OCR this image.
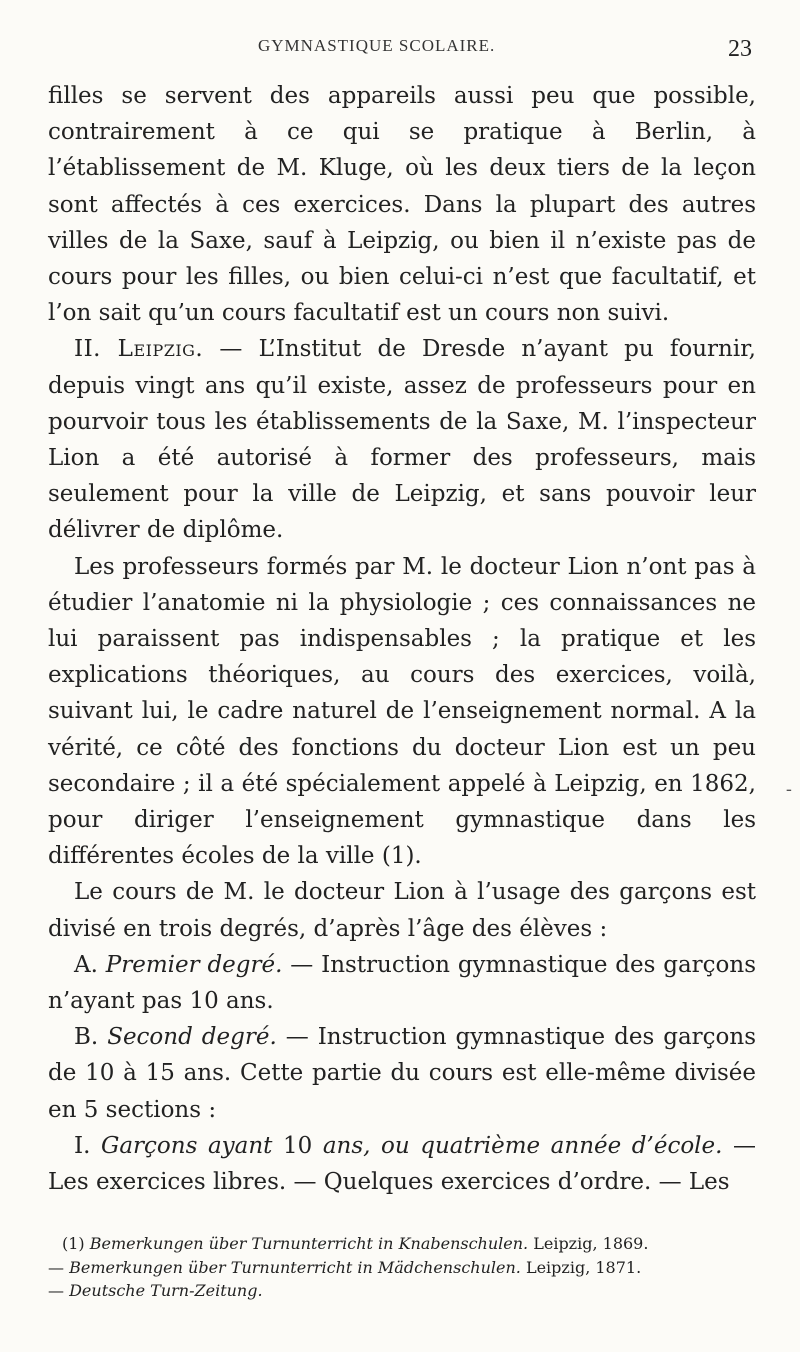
GYMNASTIQUE SCOLAIRE.	23

filles se servent des appareils aussi peu que possible, contrairement à ce qui se pratique à Berlin, à l’établissement de M. Kluge, où les deux tiers de la leçon sont affectés à ces exercices. Dans la plupart des autres villes de la Saxe, sauf à Leipzig, ou bien il n’existe pas de cours pour les filles, ou bien celui-ci n’est que facultatif, et l’on sait qu’un cours facultatif est un cours non suivi.

II. Leipzig. — L’Institut de Dresde n’ayant pu fournir, depuis vingt ans qu’il existe, assez de professeurs pour en pourvoir tous les établissements de la Saxe, M. l’inspecteur Lion a été autorisé à former des professeurs, mais seulement pour la ville de Leipzig, et sans pouvoir leur délivrer de diplôme.

Les professeurs formés par M. le docteur Lion n’ont pas à étudier l’anatomie ni la physiologie ; ces connaissances ne lui paraissent pas indispensables ; la pratique et les explications théoriques, au cours des exercices, voilà, suivant lui, le cadre naturel de l’enseignement normal. A la vérité, ce côté des fonctions du docteur Lion est un peu secondaire ; il a été spécialement appelé à Leipzig, en 1862, pour diriger l’enseignement gymnastique dans les différentes écoles de la ville (1).

Le cours de M. le docteur Lion à l’usage des garçons est divisé en trois degrés, d’après l’âge des élèves :

A. Premier degré. — Instruction gymnastique des garçons n’ayant pas 10 ans.

B. Second degré. — Instruction gymnastique des garçons de 10 à 15 ans. Cette partie du cours est elle-même divisée en 5 sections :

I. Garçons ayant 10 ans, ou quatrième année d’école. — Les exercices libres. — Quelques exercices d’ordre. — Les

(1) Bemerkungen über Turnunterricht in Knabenschulen. Leipzig, 1869.

— Bemerkungen über Turnunterricht in Mädchenschulen. Leipzig, 1871.

— Deutsche Turn-Zeitung.

-
